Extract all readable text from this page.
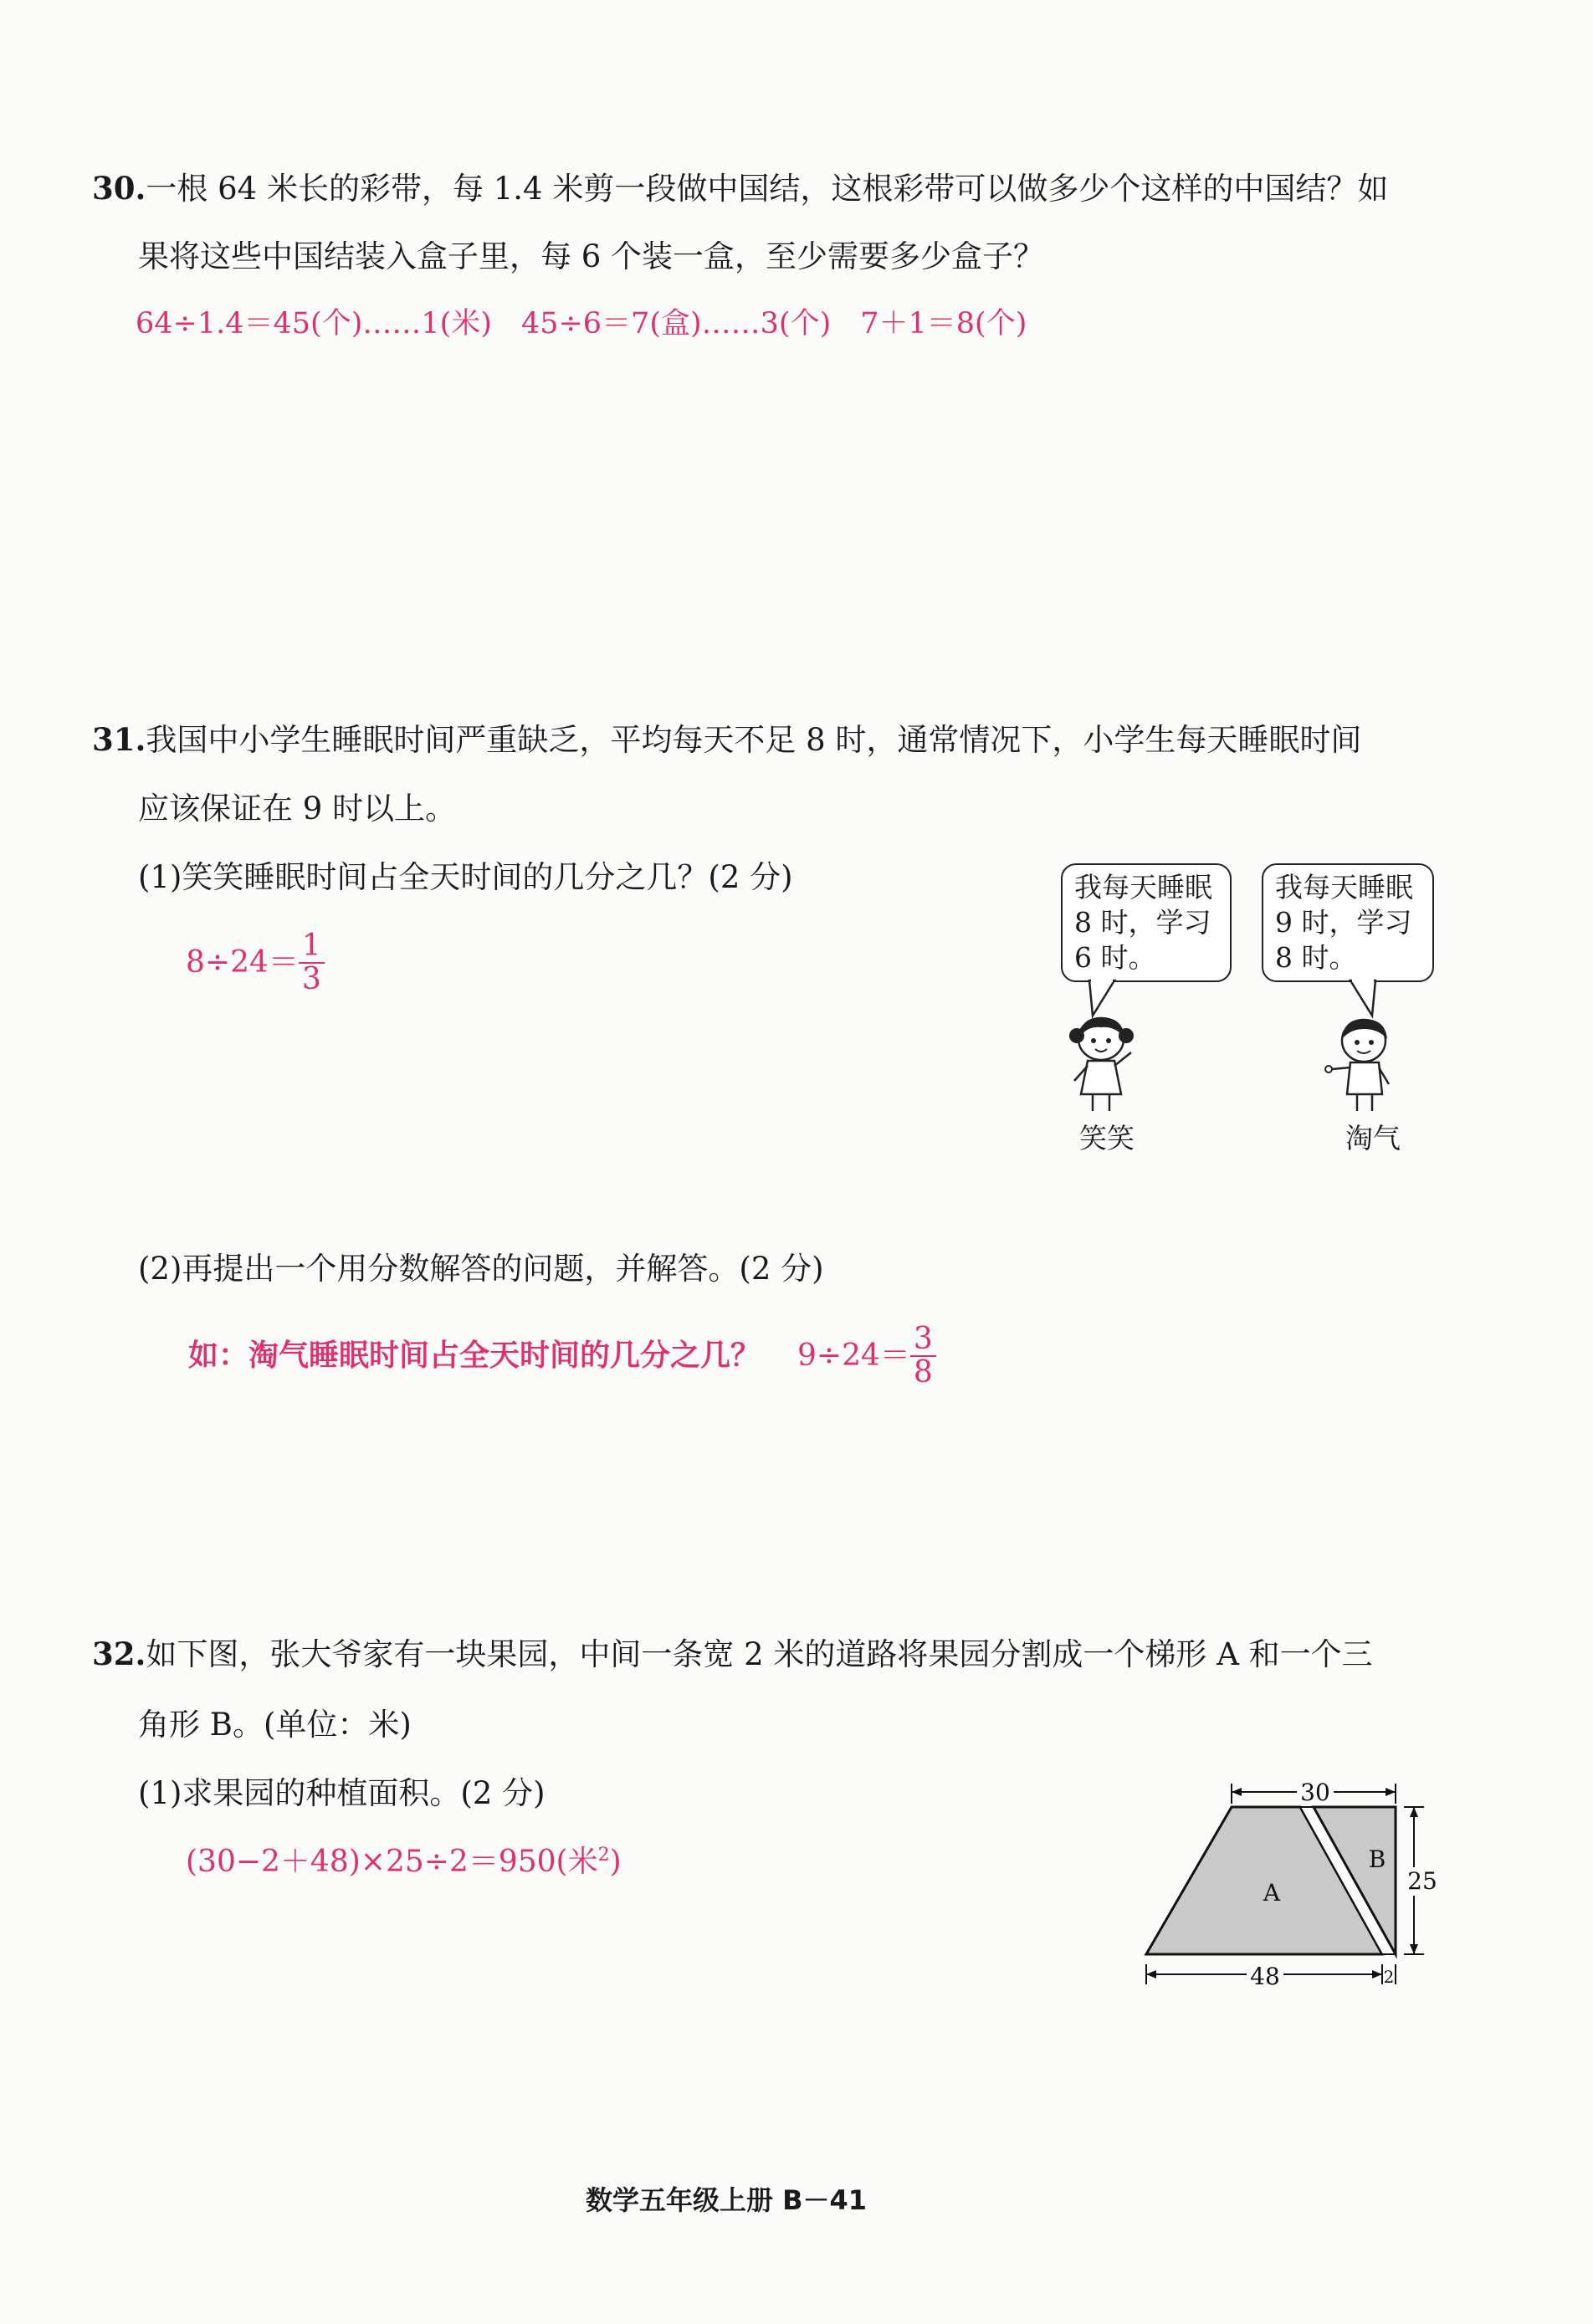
30.一根 64 米长的彩带，每 1.4 米剪一段做中国结，这根彩带可以做多少个这样的中国结？如
果将这些中国结装入盒子里，每 6 个装一盒，至少需要多少盒子？
64÷1.4＝45(个)……1(米)　45÷6＝7(盒)……3(个)　7＋1＝8(个)
31.我国中小学生睡眠时间严重缺乏，平均每天不足 8 时，通常情况下，小学生每天睡眠时间
应该保证在 9 时以上。
(1)笑笑睡眠时间占全天时间的几分之几？(2 分)
$8\div 24= \frac{1}{3}$
我每天睡眠
8 时，学习
6 时。
我每天睡眠
9 时，学习
8 时。
笑笑	淘气
(2)再提出一个用分数解答的问题，并解答。(2 分)
如：淘气睡眠时间占全天时间的几分之几？ $9\div 24= \frac{3}{8}$
32.如下图，张大爷家有一块果园，中间一条宽 2 米的道路将果园分割成一个梯形 A 和一个三
角形 B。(单位：米)
(1)求果园的种植面积。(2 分)
(30−2＋48)×25÷2＝950(米$^2$)
30
25
48	2
A
B
数学五年级上册 B－41
